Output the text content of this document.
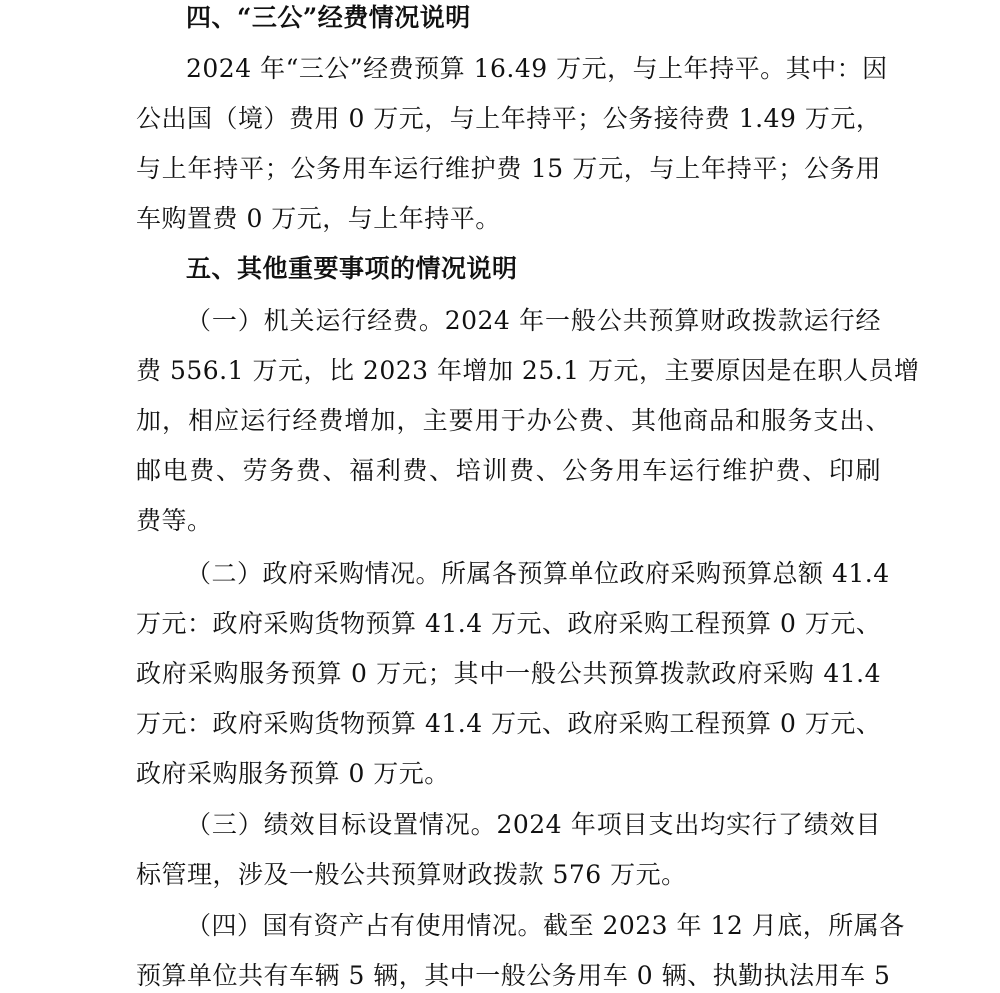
四、“三公”经费情况说明
2024 年“三公”经费预算 16.49 万元，与上年持平。其中：因
公出国（境）费用 0 万元，与上年持平；公务接待费 1.49 万元，
与上年持平；公务用车运行维护费 15 万元，与上年持平；公务用
车购置费 0 万元，与上年持平。
五、其他重要事项的情况说明
（一）机关运行经费。2024 年一般公共预算财政拨款运行经
费 556.1 万元，比 2023 年增加 25.1 万元，主要原因是在职人员增
加，相应运行经费增加，主要用于办公费、其他商品和服务支出、
邮电费、劳务费、福利费、培训费、公务用车运行维护费、印刷
费等。
（二）政府采购情况。所属各预算单位政府采购预算总额 41.4
万元：政府采购货物预算 41.4 万元、政府采购工程预算 0 万元、
政府采购服务预算 0 万元；其中一般公共预算拨款政府采购 41.4
万元：政府采购货物预算 41.4 万元、政府采购工程预算 0 万元、
政府采购服务预算 0 万元。
（三）绩效目标设置情况。2024 年项目支出均实行了绩效目
标管理，涉及一般公共预算财政拨款 576 万元。
（四）国有资产占有使用情况。截至 2023 年 12 月底，所属各
预算单位共有车辆 5 辆，其中一般公务用车 0 辆、执勤执法用车 5
